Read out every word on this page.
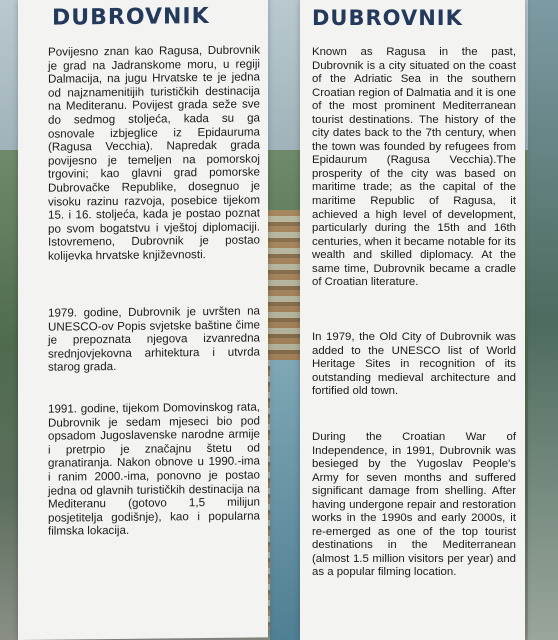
DUBROVNIK

Povijesno znan kao Ragusa, Dubrovnik je grad na Jadranskome moru, u regiji Dalmacija, na jugu Hrvatske te je jedna od najznamenitijih turističkih destinacija na Mediteranu. Povijest grada seže sve do sedmog stoljeća, kada su ga osnovale izbjeglice iz Epidauruma (Ragusa Vecchia). Napredak grada povijesno je temeljen na pomorskoj trgovini; kao glavni grad pomorske Dubrovačke Republike, dosegnuo je visoku razinu razvoja, posebice tijekom 15. i 16. stoljeća, kada je postao poznat po svom bogatstvu i vještoj diplomaciji. Istovremeno, Dubrovnik je postao kolijevka hrvatske književnosti.

1979. godine, Dubrovnik je uvršten na UNESCO-ov Popis svjetske baštine čime je prepoznata njegova izvanredna srednjovjekovna arhitektura i utvrda starog grada.

1991. godine, tijekom Domovinskog rata, Dubrovnik je sedam mjeseci bio pod opsadom Jugoslavenske narodne armije i pretrpio je značajnu štetu od granatiranja. Nakon obnove u 1990.-ima i ranim 2000.-ima, ponovno je postao jedna od glavnih turističkih destinacija na Mediteranu (gotovo 1,5 milijun posjetitelja godišnje), kao i popularna filmska lokacija.

DUBROVNIK

Known as Ragusa in the past, Dubrovnik is a city situated on the coast of the Adriatic Sea in the southern Croatian region of Dalmatia and it is one of the most prominent Mediterranean tourist destinations. The history of the city dates back to the 7th century, when the town was founded by refugees from Epidaurum (Ragusa Vecchia).The prosperity of the city was based on maritime trade; as the capital of the maritime Republic of Ragusa, it achieved a high level of development, particularly during the 15th and 16th centuries, when it became notable for its wealth and skilled diplomacy. At the same time, Dubrovnik became a cradle of Croatian literature.

In 1979, the Old City of Dubrovnik was added to the UNESCO list of World Heritage Sites in recognition of its outstanding medieval architecture and fortified old town.

During the Croatian War of Independence, in 1991, Dubrovnik was besieged by the Yugoslav People's Army for seven months and suffered significant damage from shelling. After having undergone repair and restoration works in the 1990s and early 2000s, it re-emerged as one of the top tourist destinations in the Mediterranean (almost 1.5 million visitors per year) and as a popular filming location.
